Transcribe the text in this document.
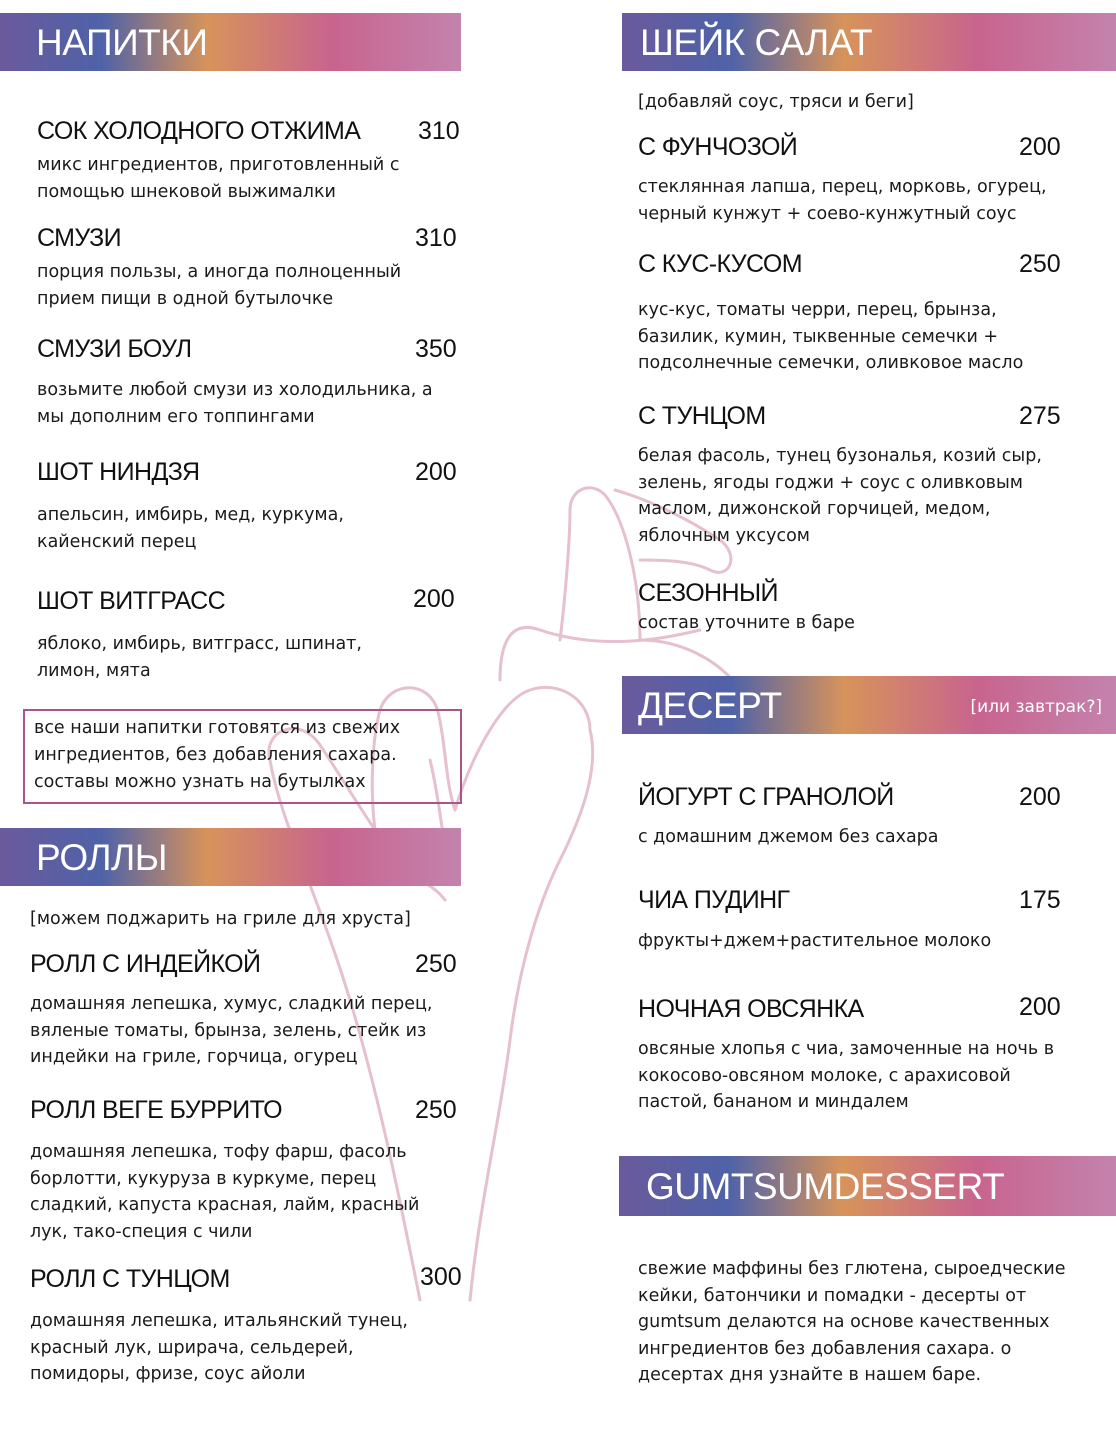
НАПИТКИ
СОК ХОЛОДНОГО ОТЖИМА 310
микс ингредиентов, приготовленный с помощью шнековой выжималки
СМУЗИ	310
порция пользы, а иногда полноценный прием пищи в одной бутылочке
СМУЗИ БОУЛ	350
возьмите любой смузи из холодильника, а мы дополним его топпингами
ШОТ НИНДЗЯ	200
апельсин, имбирь, мед, куркума, кайенский перец
ШОТ ВИТГРАСС	200
яблоко, имбирь, витграсс, шпинат, лимон, мята
все наши напитки готовятся из свежих ингредиентов, без добавления сахара. составы можно узнать на бутылках
РОЛЛЫ
[можем поджарить на гриле для хруста]
РОЛЛ С ИНДЕЙКОЙ	250
домашняя лепешка, хумус, сладкий перец, вяленые томаты, брынза, зелень, стейк из индейки на гриле, горчица, огурец
РОЛЛ ВЕГЕ БУРРИТО	250
домашняя лепешка, тофу фарш, фасоль борлотти, кукуруза в куркуме, перец сладкий, капуста красная, лайм, красный лук, тако-специя с чили
РОЛЛ С ТУНЦОМ	300
домашняя лепешка, итальянский тунец, красный лук, шрирача, сельдерей, помидоры, фризе, соус айоли
ШЕЙК САЛАТ
[добавляй соус, тряси и беги]
С ФУНЧОЗОЙ	200
стеклянная лапша, перец, морковь, огурец, черный кунжут + соево-кунжутный соус
С КУС-КУСОМ	250
кус-кус, томаты черри, перец, брынза, базилик, кумин, тыквенные семечки + подсолнечные семечки, оливковое масло
С ТУНЦОМ	275
белая фасоль, тунец бузональя, козий сыр, зелень, ягоды годжи + соус с оливковым маслом, дижонской горчицей, медом, яблочным уксусом
СЕЗОННЫЙ
состав уточните в баре
ДЕСЕРТ	[или завтрак?]
ЙОГУРТ С ГРАНОЛОЙ	200
с домашним джемом без сахара
ЧИА ПУДИНГ	175
фрукты+джем+растительное молоко
НОЧНАЯ ОВСЯНКА	200
овсяные хлопья с чиа, замоченные на ночь в кокосово-овсяном молоке, с арахисовой пастой, бананом и миндалем
GUMTSUMDESSERT
свежие маффины без глютена, сыроедческие кейки, батончики и помадки - десерты от gumtsum делаются на основе качественных ингредиентов без добавления сахара. о десертах дня узнайте в нашем баре.
